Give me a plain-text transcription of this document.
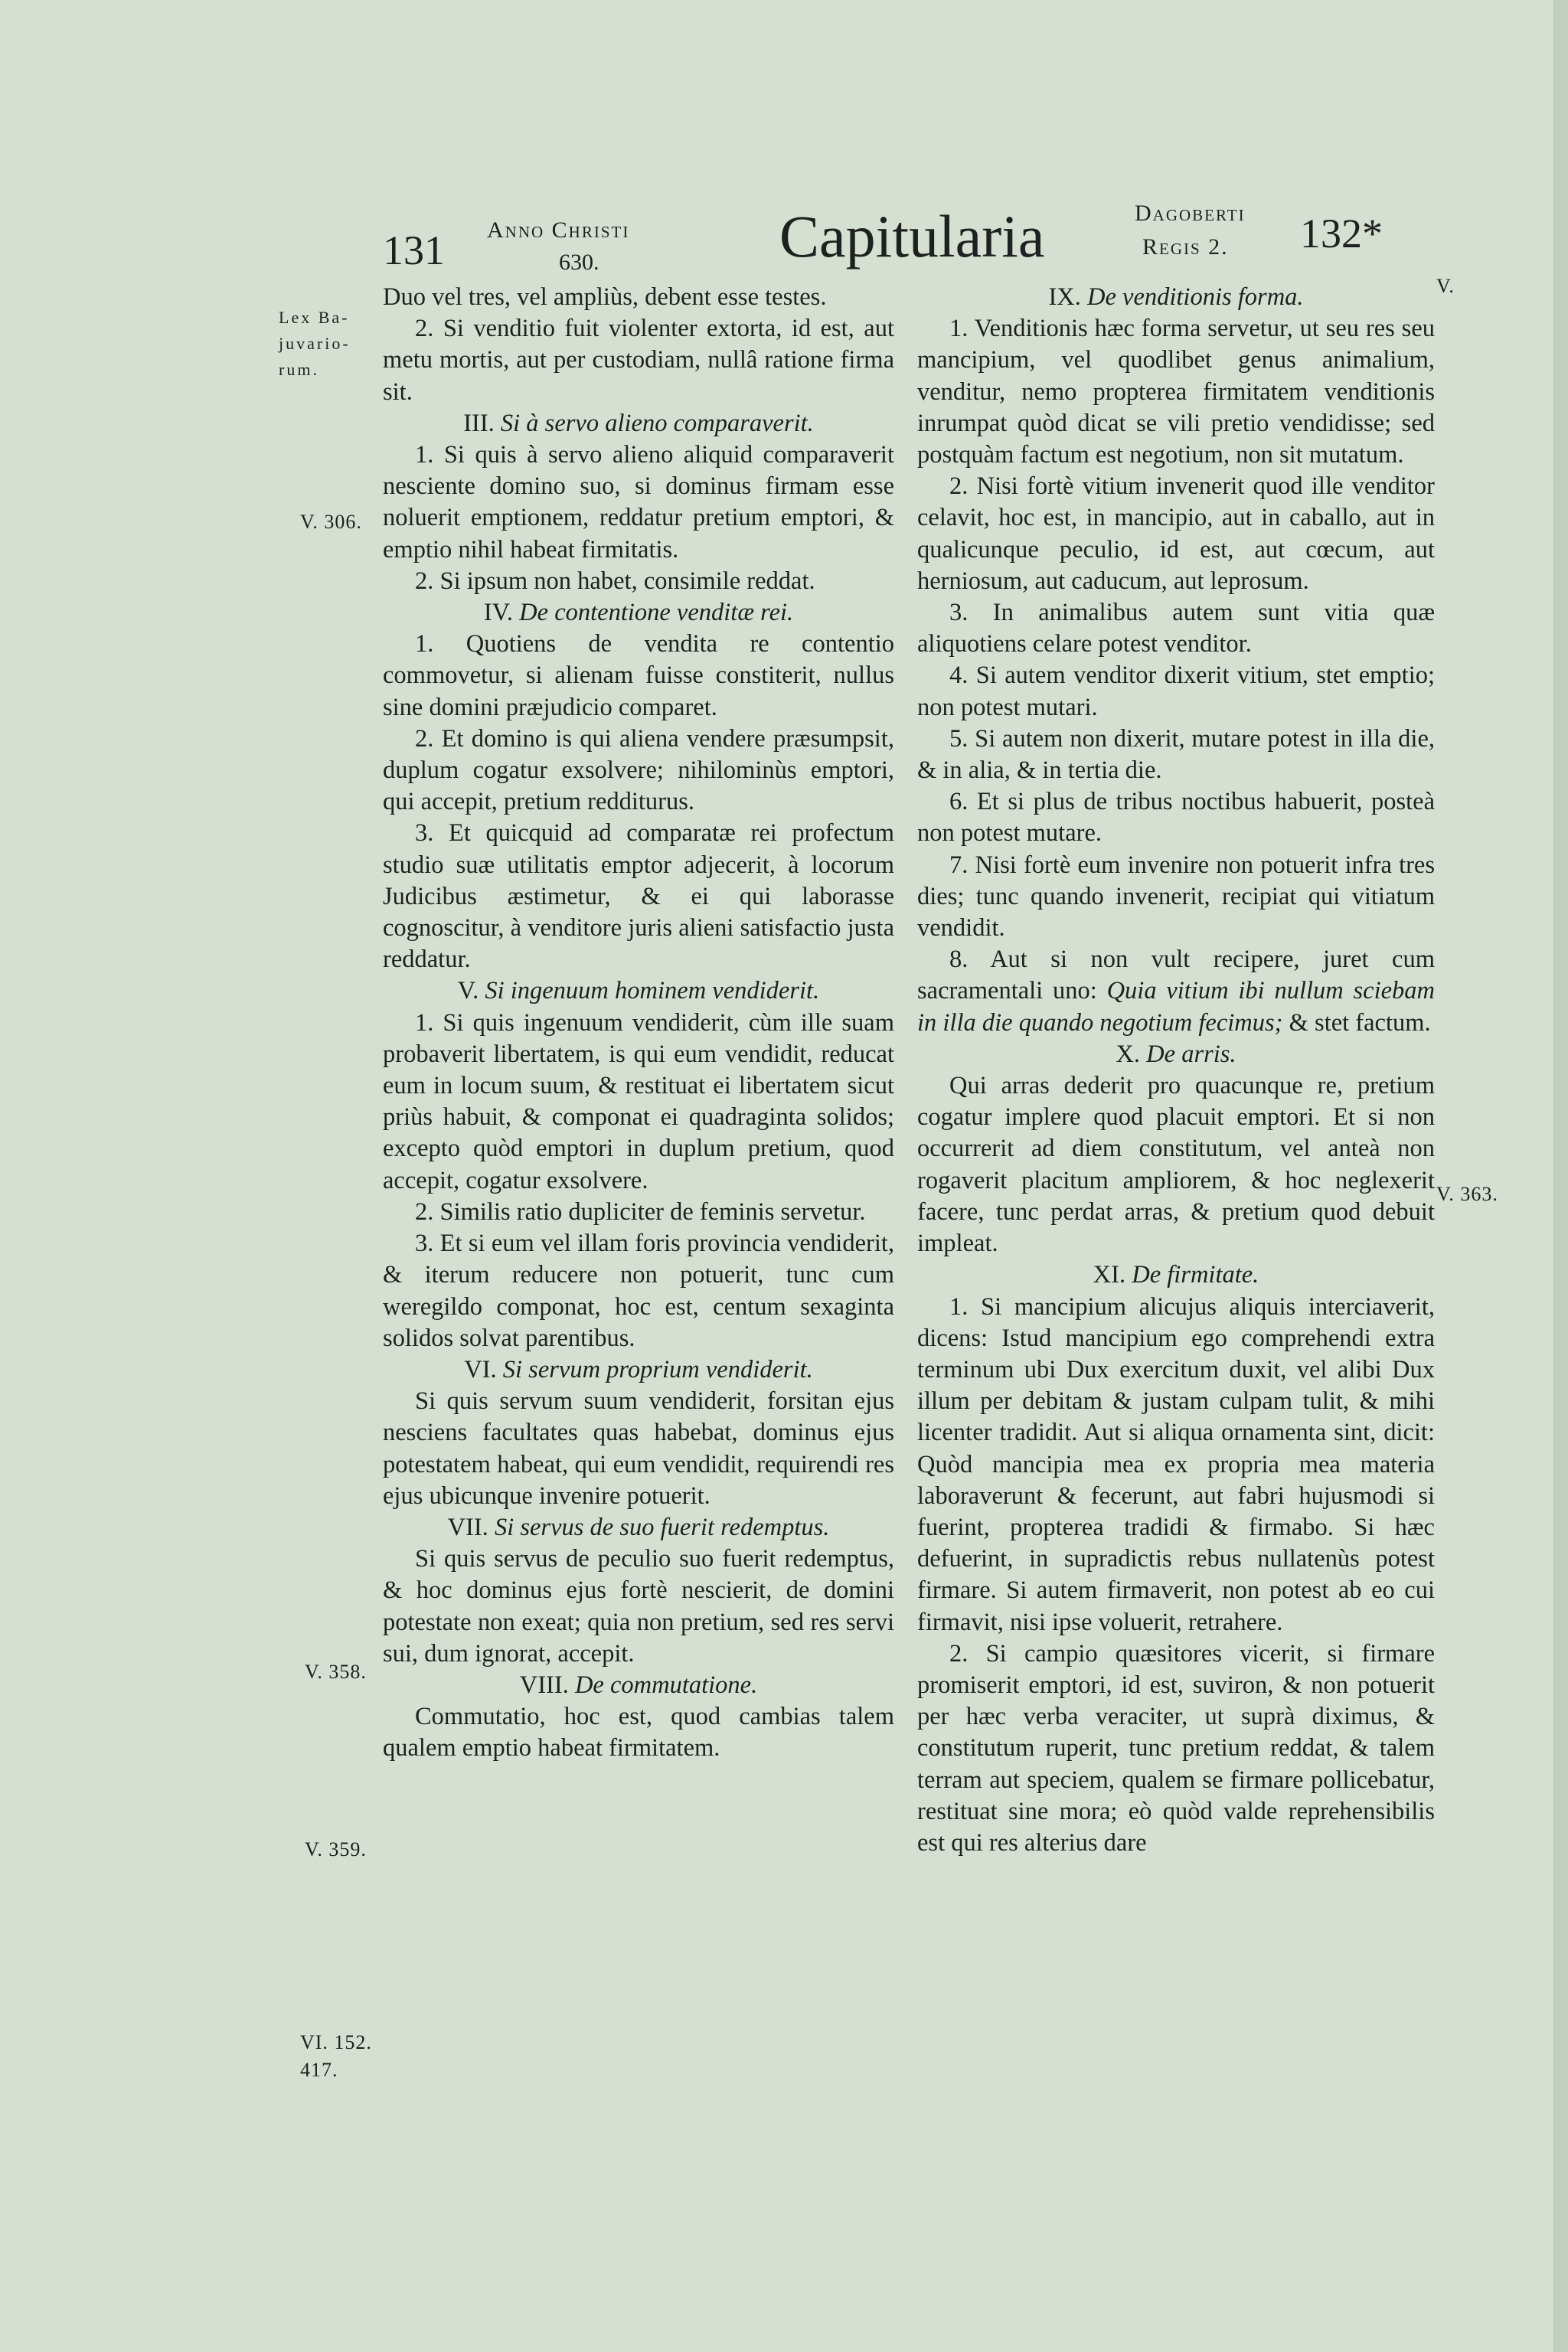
131 Anno Christi
630.	Capitularia	Dagoberti
Regis 2. 132*
Lex Ba-
juvario-
rum.
V. 306.
V. 358.
V. 359.
VI. 152.
417.
V.
V. 363.

Duo vel tres, vel ampliùs, debent esse testes.

2. Si venditio fuit violenter extorta, id est, aut metu mortis, aut per custodiam, nullâ ratione firma sit.

III. Si à servo alieno comparaverit.

1. Si quis à servo alieno aliquid comparaverit nesciente domino suo, si dominus firmam esse noluerit emptionem, reddatur pretium emptori, & emptio nihil habeat firmitatis.

2. Si ipsum non habet, consimile reddat.

IV. De contentione venditæ rei.

1. Quotiens de vendita re contentio commovetur, si alienam fuisse constiterit, nullus sine domini præjudicio comparet.

2. Et domino is qui aliena vendere præsumpsit, duplum cogatur exsolvere; nihilominùs emptori, qui accepit, pretium redditurus.

3. Et quicquid ad comparatæ rei profectum studio suæ utilitatis emptor adjecerit, à locorum Judicibus æstimetur, & ei qui laborasse cognoscitur, à venditore juris alieni satisfactio justa reddatur.

V. Si ingenuum hominem vendiderit.

1. Si quis ingenuum vendiderit, cùm ille suam probaverit libertatem, is qui eum vendidit, reducat eum in locum suum, & restituat ei libertatem sicut priùs habuit, & componat ei quadraginta solidos; excepto quòd emptori in duplum pretium, quod accepit, cogatur exsolvere.

2. Similis ratio dupliciter de feminis servetur.

3. Et si eum vel illam foris provincia vendiderit, & iterum reducere non potuerit, tunc cum weregildo componat, hoc est, centum sexaginta solidos solvat parentibus.

VI. Si servum proprium vendiderit.

Si quis servum suum vendiderit, forsitan ejus nesciens facultates quas habebat, dominus ejus potestatem habeat, qui eum vendidit, requirendi res ejus ubicunque invenire potuerit.

VII. Si servus de suo fuerit redemptus.

Si quis servus de peculio suo fuerit redemptus, & hoc dominus ejus fortè nescierit, de domini potestate non exeat; quia non pretium, sed res servi sui, dum ignorat, accepit.

VIII. De commutatione.

Commutatio, hoc est, quod cambias talem qualem emptio habeat firmitatem.

IX. De venditionis forma.

1. Venditionis hæc forma servetur, ut seu res seu mancipium, vel quodlibet genus animalium, venditur, nemo propterea firmitatem venditionis inrumpat quòd dicat se vili pretio vendidisse; sed postquàm factum est negotium, non sit mutatum.

2. Nisi fortè vitium invenerit quod ille venditor celavit, hoc est, in mancipio, aut in caballo, aut in qualicunque peculio, id est, aut cœcum, aut herniosum, aut caducum, aut leprosum.

3. In animalibus autem sunt vitia quæ aliquotiens celare potest venditor.

4. Si autem venditor dixerit vitium, stet emptio; non potest mutari.

5. Si autem non dixerit, mutare potest in illa die, & in alia, & in tertia die.

6. Et si plus de tribus noctibus habuerit, posteà non potest mutare.

7. Nisi fortè eum invenire non potuerit infra tres dies; tunc quando invenerit, recipiat qui vitiatum vendidit.

8. Aut si non vult recipere, juret cum sacramentali uno: Quia vitium ibi nullum sciebam in illa die quando negotium fecimus; & stet factum.

X. De arris.

Qui arras dederit pro quacunque re, pretium cogatur implere quod placuit emptori. Et si non occurrerit ad diem constitutum, vel anteà non rogaverit placitum ampliorem, & hoc neglexerit facere, tunc perdat arras, & pretium quod debuit impleat.

XI. De firmitate.

1. Si mancipium alicujus aliquis interciaverit, dicens: Istud mancipium ego comprehendi extra terminum ubi Dux exercitum duxit, vel alibi Dux illum per debitam & justam culpam tulit, & mihi licenter tradidit. Aut si aliqua ornamenta sint, dicit: Quòd mancipia mea ex propria mea materia laboraverunt & fecerunt, aut fabri hujusmodi si fuerint, propterea tradidi & firmabo. Si hæc defuerint, in supradictis rebus nullatenùs potest firmare. Si autem firmaverit, non potest ab eo cui firmavit, nisi ipse voluerit, retrahere.

2. Si campio quæsitores vicerit, si firmare promiserit emptori, id est, suviron, & non potuerit per hæc verba veraciter, ut suprà diximus, & constitutum ruperit, tunc pretium reddat, & talem terram aut speciem, qualem se firmare pollicebatur, restituat sine mora; eò quòd valde reprehensibilis est qui res alterius dare
